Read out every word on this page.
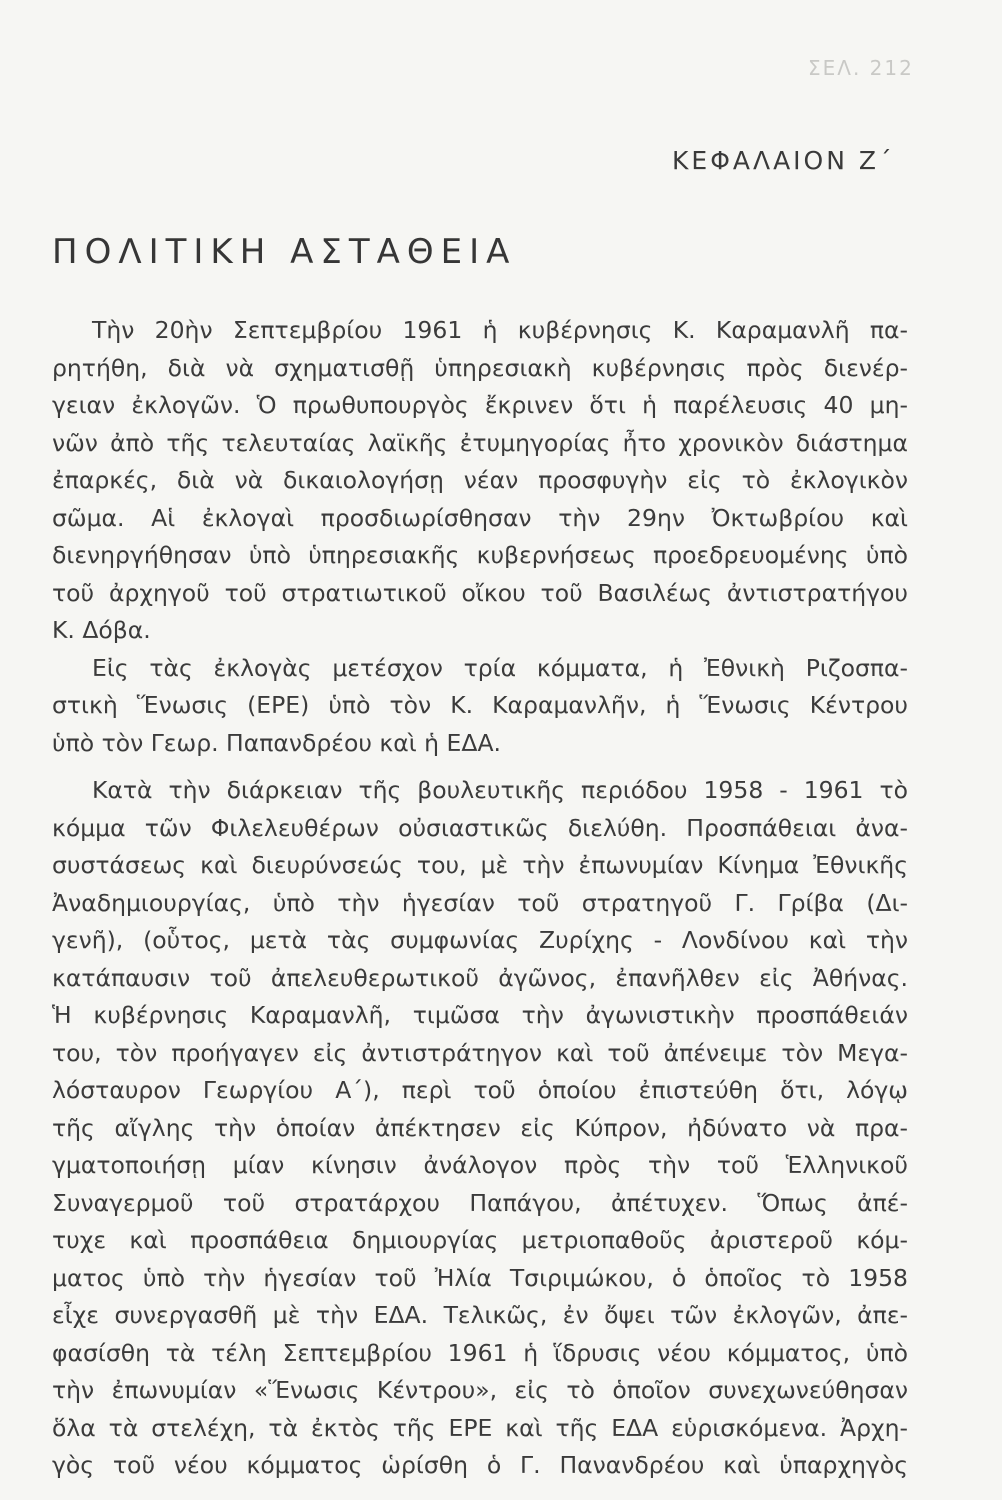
ΣΕΛ. 212
ΚΕΦΑΛΑΙΟΝ Ζ΄
ΠΟΛΙΤΙΚΗ ΑΣΤΑΘΕΙΑ
Τὴν 20ὴν Σεπτεμβρίου 1961 ἡ κυβέρνησις Κ. Καραμανλῆ πα-
ρητήθη, διὰ νὰ σχηματισθῇ ὑπηρεσιακὴ κυβέρνησις πρὸς διενέρ-
γειαν ἐκλογῶν. Ὁ πρωθυπουργὸς ἔκρινεν ὅτι ἡ παρέλευσις 40 μη-
νῶν ἀπὸ τῆς τελευταίας λαϊκῆς ἐτυμηγορίας ἦτο χρονικὸν διάστημα
ἐπαρκές, διὰ νὰ δικαιολογήσῃ νέαν προσφυγὴν εἰς τὸ ἐκλογικὸν
σῶμα. Αἱ ἐκλογαὶ προσδιωρίσθησαν τὴν 29ην Ὀκτωβρίου καὶ
διενηργήθησαν ὑπὸ ὑπηρεσιακῆς κυβερνήσεως προεδρευομένης ὑπὸ
τοῦ ἀρχηγοῦ τοῦ στρατιωτικοῦ οἴκου τοῦ Βασιλέως ἀντιστρατήγου
Κ. Δόβα.
Εἰς τὰς ἐκλογὰς μετέσχον τρία κόμματα, ἡ Ἐθνικὴ Ριζοσπα-
στικὴ Ἕνωσις (ΕΡΕ) ὑπὸ τὸν Κ. Καραμανλῆν, ἡ Ἕνωσις Κέντρου
ὑπὸ τὸν Γεωρ. Παπανδρέου καὶ ἡ ΕΔΑ.
Κατὰ τὴν διάρκειαν τῆς βουλευτικῆς περιόδου 1958 - 1961 τὸ
κόμμα τῶν Φιλελευθέρων οὐσιαστικῶς διελύθη. Προσπάθειαι ἀνα-
συστάσεως καὶ διευρύνσεώς του, μὲ τὴν ἐπωνυμίαν Κίνημα Ἐθνικῆς
Ἀναδημιουργίας, ὑπὸ τὴν ἡγεσίαν τοῦ στρατηγοῦ Γ. Γρίβα (Δι-
γενῆ), (οὗτος, μετὰ τὰς συμφωνίας Ζυρίχης - Λονδίνου καὶ τὴν
κατάπαυσιν τοῦ ἀπελευθερωτικοῦ ἀγῶνος, ἐπανῆλθεν εἰς Ἀθήνας.
Ἡ κυβέρνησις Καραμανλῆ, τιμῶσα τὴν ἀγωνιστικὴν προσπάθειάν
του, τὸν προήγαγεν εἰς ἀντιστράτηγον καὶ τοῦ ἀπένειμε τὸν Μεγα-
λόσταυρον Γεωργίου Α΄), περὶ τοῦ ὁποίου ἐπιστεύθη ὅτι, λόγῳ
τῆς αἴγλης τὴν ὁποίαν ἀπέκτησεν εἰς Κύπρον, ἠδύνατο νὰ πρα-
γματοποιήσῃ μίαν κίνησιν ἀνάλογον πρὸς τὴν τοῦ Ἑλληνικοῦ
Συναγερμοῦ τοῦ στρατάρχου Παπάγου, ἀπέτυχεν. Ὅπως ἀπέ-
τυχε καὶ προσπάθεια δημιουργίας μετριοπαθοῦς ἀριστεροῦ κόμ-
ματος ὑπὸ τὴν ἡγεσίαν τοῦ Ἠλία Τσιριμώκου, ὁ ὁποῖος τὸ 1958
εἶχε συνεργασθῆ μὲ τὴν ΕΔΑ. Τελικῶς, ἐν ὄψει τῶν ἐκλογῶν, ἀπε-
φασίσθη τὰ τέλη Σεπτεμβρίου 1961 ἡ ἵδρυσις νέου κόμματος, ὑπὸ
τὴν ἐπωνυμίαν «Ἕνωσις Κέντρου», εἰς τὸ ὁποῖον συνεχωνεύθησαν
ὅλα τὰ στελέχη, τὰ ἐκτὸς τῆς ΕΡΕ καὶ τῆς ΕΔΑ εὑρισκόμενα. Ἀρχη-
γὸς τοῦ νέου κόμματος ὡρίσθη ὁ Γ. Πανανδρέου καὶ ὑπαρχηγὸς
